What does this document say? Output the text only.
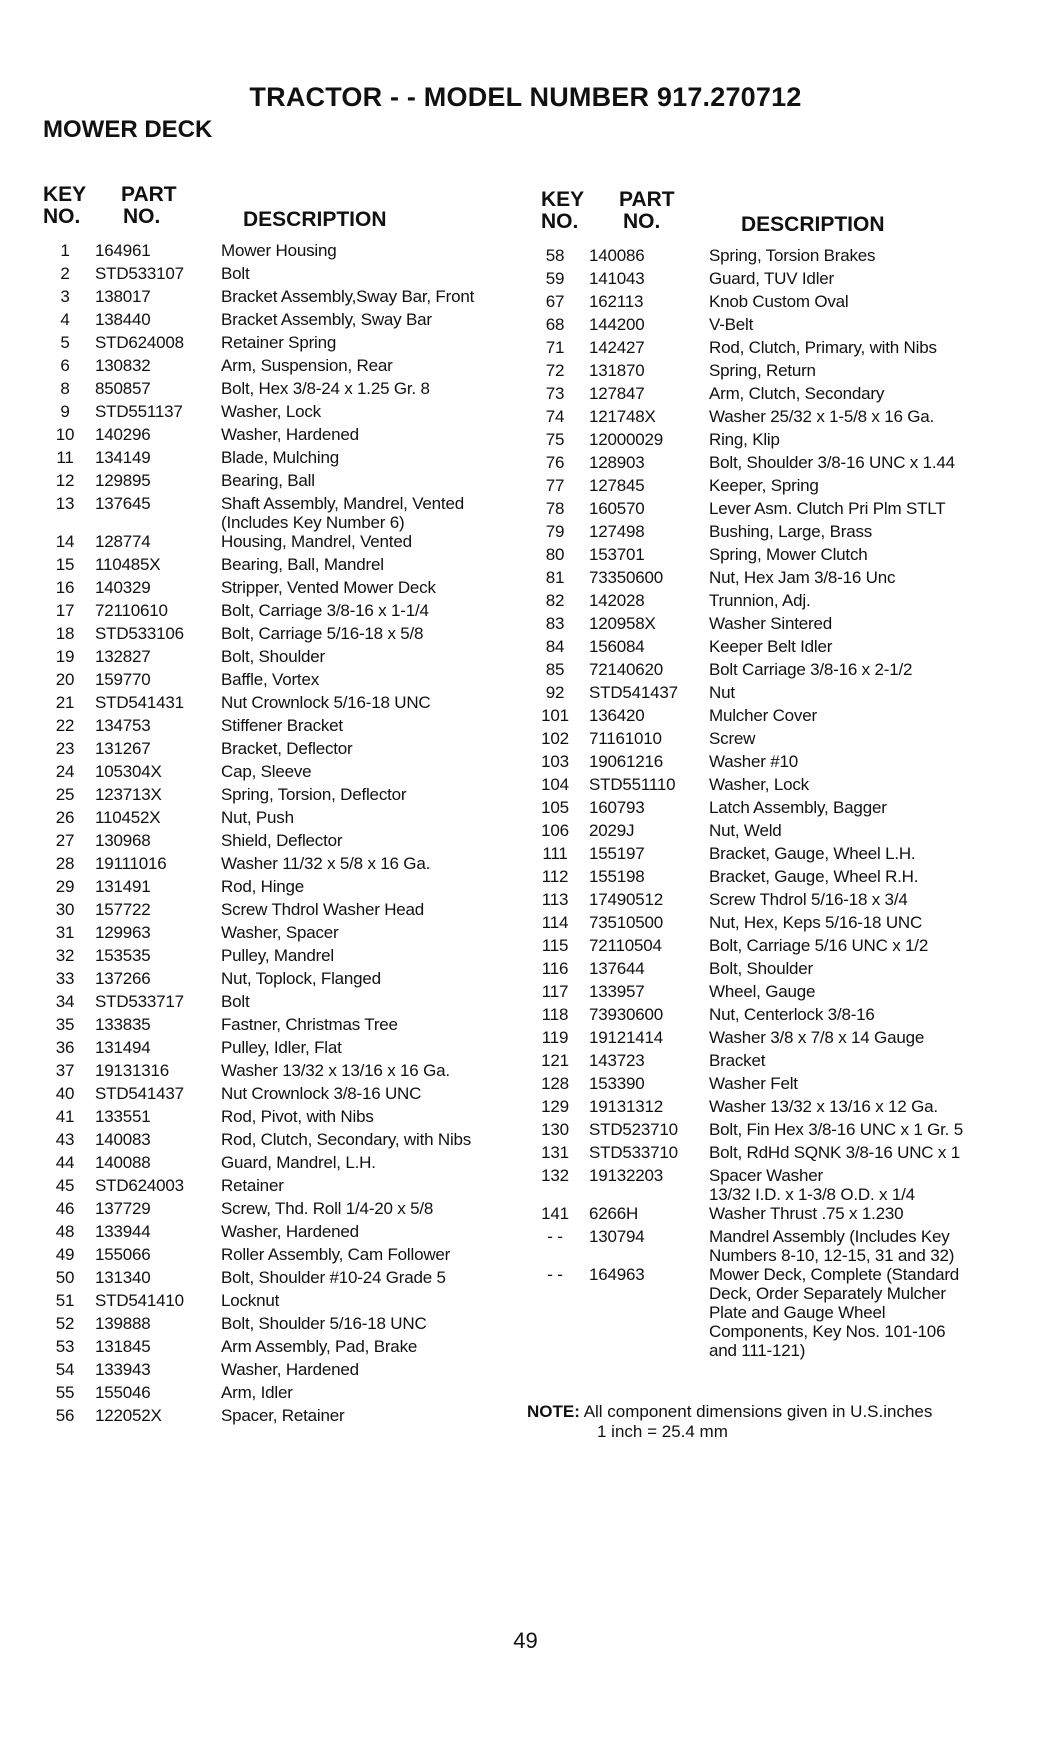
TRACTOR - - MODEL NUMBER 917.270712
MOWER DECK
KEY
NO.
PART
NO.	DESCRIPTION
1	164961	Mower Housing
2	STD533107	Bolt
3	138017	Bracket Assembly,Sway Bar, Front
4	138440	Bracket Assembly, Sway Bar
5	STD624008	Retainer Spring
6	130832	Arm, Suspension, Rear
8	850857	Bolt, Hex 3/8-24 x 1.25 Gr. 8
9	STD551137	Washer, Lock
10	140296	Washer, Hardened
11	134149	Blade, Mulching
12	129895	Bearing, Ball
13	137645	Shaft Assembly, Mandrel, Vented
(Includes Key Number 6)
14	128774	Housing, Mandrel, Vented
15	110485X	Bearing, Ball, Mandrel
16	140329	Stripper, Vented Mower Deck
17	72110610	Bolt, Carriage 3/8-16 x 1-1/4
18	STD533106	Bolt, Carriage 5/16-18 x 5/8
19	132827	Bolt, Shoulder
20	159770	Baffle, Vortex
21	STD541431	Nut Crownlock 5/16-18 UNC
22	134753	Stiffener Bracket
23	131267	Bracket, Deflector
24	105304X	Cap, Sleeve
25	123713X	Spring, Torsion, Deflector
26	110452X	Nut, Push
27	130968	Shield, Deflector
28	19111016	Washer 11/32 x 5/8 x 16 Ga.
29	131491	Rod, Hinge
30	157722	Screw Thdrol Washer Head
31	129963	Washer, Spacer
32	153535	Pulley, Mandrel
33	137266	Nut, Toplock, Flanged
34	STD533717	Bolt
35	133835	Fastner, Christmas Tree
36	131494	Pulley, Idler, Flat
37	19131316	Washer 13/32 x 13/16 x 16 Ga.
40	STD541437	Nut Crownlock 3/8-16 UNC
41	133551	Rod, Pivot, with Nibs
43	140083	Rod, Clutch, Secondary, with Nibs
44	140088	Guard, Mandrel, L.H.
45	STD624003	Retainer
46	137729	Screw, Thd. Roll 1/4-20 x 5/8
48	133944	Washer, Hardened
49	155066	Roller Assembly, Cam Follower
50	131340	Bolt, Shoulder #10-24 Grade 5
51	STD541410	Locknut
52	139888	Bolt, Shoulder 5/16-18 UNC
53	131845	Arm Assembly, Pad, Brake
54	133943	Washer, Hardened
55	155046	Arm, Idler
56	122052X	Spacer, Retainer
KEY
NO.
PART
NO.	DESCRIPTION
58	140086	Spring, Torsion Brakes
59	141043	Guard, TUV Idler
67	162113	Knob Custom Oval
68	144200	V-Belt
71	142427	Rod, Clutch, Primary, with Nibs
72	131870	Spring, Return
73	127847	Arm, Clutch, Secondary
74	121748X	Washer 25/32 x 1-5/8 x 16 Ga.
75	12000029	Ring, Klip
76	128903	Bolt, Shoulder 3/8-16 UNC x 1.44
77	127845	Keeper, Spring
78	160570	Lever Asm. Clutch Pri Plm STLT
79	127498	Bushing, Large, Brass
80	153701	Spring, Mower Clutch
81	73350600	Nut, Hex Jam 3/8-16 Unc
82	142028	Trunnion, Adj.
83	120958X	Washer Sintered
84	156084	Keeper Belt Idler
85	72140620	Bolt Carriage 3/8-16 x 2-1/2
92	STD541437	Nut
101	136420	Mulcher Cover
102	71161010	Screw
103	19061216	Washer #10
104	STD551110	Washer, Lock
105	160793	Latch Assembly, Bagger
106	2029J	Nut, Weld
111	155197	Bracket, Gauge, Wheel L.H.
112	155198	Bracket, Gauge, Wheel R.H.
113	17490512	Screw Thdrol 5/16-18 x 3/4
114	73510500	Nut, Hex, Keps 5/16-18 UNC
115	72110504	Bolt, Carriage 5/16 UNC x 1/2
116	137644	Bolt, Shoulder
117	133957	Wheel, Gauge
118	73930600	Nut, Centerlock 3/8-16
119	19121414	Washer 3/8 x 7/8 x 14 Gauge
121	143723	Bracket
128	153390	Washer Felt
129	19131312	Washer 13/32 x 13/16 x 12 Ga.
130	STD523710	Bolt, Fin Hex 3/8-16 UNC x 1 Gr. 5
131	STD533710	Bolt, RdHd SQNK 3/8-16 UNC x 1
132	19132203	Spacer Washer
13/32 I.D. x 1-3/8 O.D. x 1/4
141	6266H	Washer Thrust .75 x 1.230
- -	130794	Mandrel Assembly (Includes Key
Numbers 8-10, 12-15, 31 and 32)
- -	164963	Mower Deck, Complete (Standard
Deck, Order Separately Mulcher
Plate and Gauge Wheel
Components, Key Nos. 101-106
and 111-121)
NOTE: All component dimensions given in U.S.inches
1 inch = 25.4 mm
49
